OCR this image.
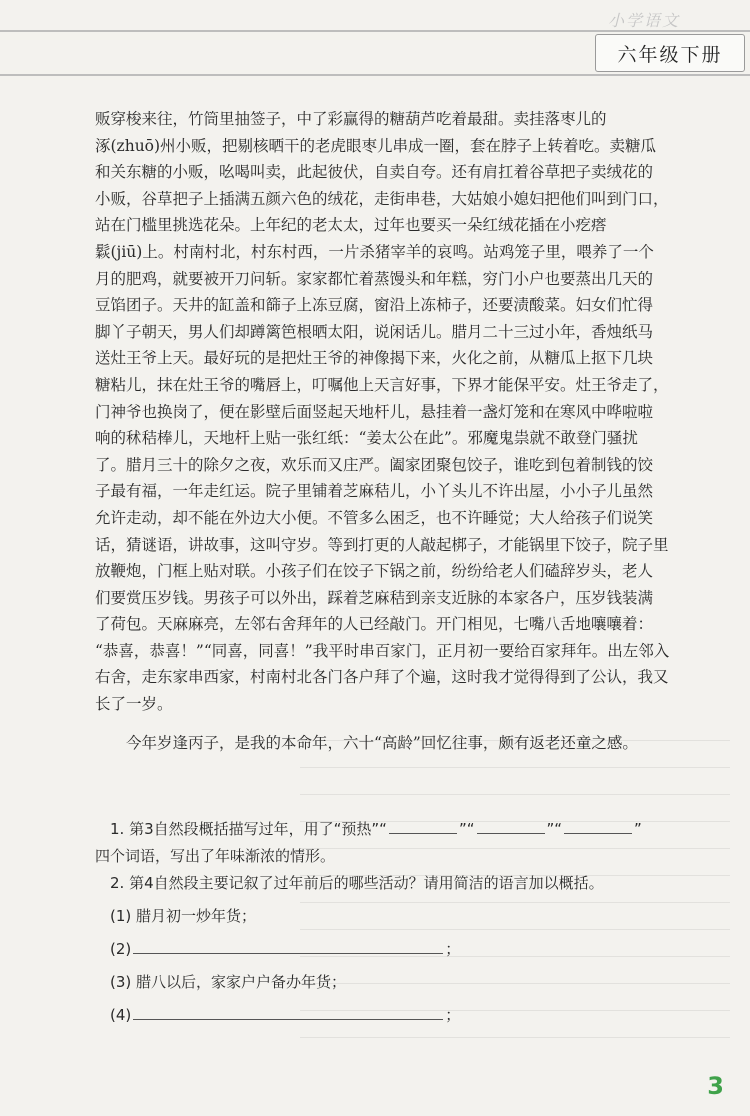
小学语文
六年级下册

贩穿梭来往，竹筒里抽签子，中了彩赢得的糖葫芦吃着最甜。卖挂落枣儿的

涿(zhuō)州小贩，把剔核晒干的老虎眼枣儿串成一圈，套在脖子上转着吃。卖糖瓜

和关东糖的小贩，吆喝叫卖，此起彼伏，自卖自夸。还有肩扛着谷草把子卖绒花的

小贩，谷草把子上插满五颜六色的绒花，走街串巷，大姑娘小媳妇把他们叫到门口，

站在门槛里挑选花朵。上年纪的老太太，过年也要买一朵红绒花插在小疙瘩

鬏(jiū)上。村南村北，村东村西，一片杀猪宰羊的哀鸣。站鸡笼子里，喂养了一个

月的肥鸡，就要被开刀问斩。家家都忙着蒸馒头和年糕，穷门小户也要蒸出几天的

豆馅团子。天井的缸盖和篩子上冻豆腐，窗沿上冻柿子，还要渍酸菜。妇女们忙得

脚丫子朝天，男人们却蹲篱笆根晒太阳，说闲话儿。腊月二十三过小年，香烛纸马

送灶王爷上天。最好玩的是把灶王爷的神像揭下来，火化之前，从糖瓜上抠下几块

糖粘儿，抹在灶王爷的嘴唇上，叮嘱他上天言好事，下界才能保平安。灶王爷走了，

门神爷也换岗了，便在影壁后面竖起天地杆儿，悬挂着一盏灯笼和在寒风中哗啦啦

响的秫秸棒儿，天地杆上贴一张红纸：“姜太公在此”。邪魔鬼祟就不敢登门骚扰

了。腊月三十的除夕之夜，欢乐而又庄严。阖家团聚包饺子，谁吃到包着制钱的饺

子最有福，一年走红运。院子里铺着芝麻秸儿，小丫头儿不许出屋，小小子儿虽然

允许走动，却不能在外边大小便。不管多么困乏，也不许睡觉；大人给孩子们说笑

话，猜谜语，讲故事，这叫守岁。等到打更的人敲起梆子，才能锅里下饺子，院子里

放鞭炮，门框上贴对联。小孩子们在饺子下锅之前，纷纷给老人们磕辞岁头，老人

们要赏压岁钱。男孩子可以外出，踩着芝麻秸到亲支近脉的本家各户，压岁钱装满

了荷包。天麻麻亮，左邻右舍拜年的人已经敲门。开门相见，七嘴八舌地嚷嚷着：

“恭喜，恭喜！”“同喜，同喜！”我平时串百家门，正月初一要给百家拜年。出左邻入

右舍，走东家串西家，村南村北各门各户拜了个遍，这时我才觉得得到了公认，我又

长了一岁。

今年岁逢丙子，是我的本命年，六十“高龄”回忆往事，颇有返老还童之感。

1. 第3自然段概括描写过年，用了“预热”“	”“	”“	”

四个词语，写出了年味渐浓的情形。

2. 第4自然段主要记叙了过年前后的哪些活动？请用简洁的语言加以概括。

(1) 腊月初一炒年货；

(2)	；

(3) 腊八以后，家家户户备办年货；

(4)	；

3
